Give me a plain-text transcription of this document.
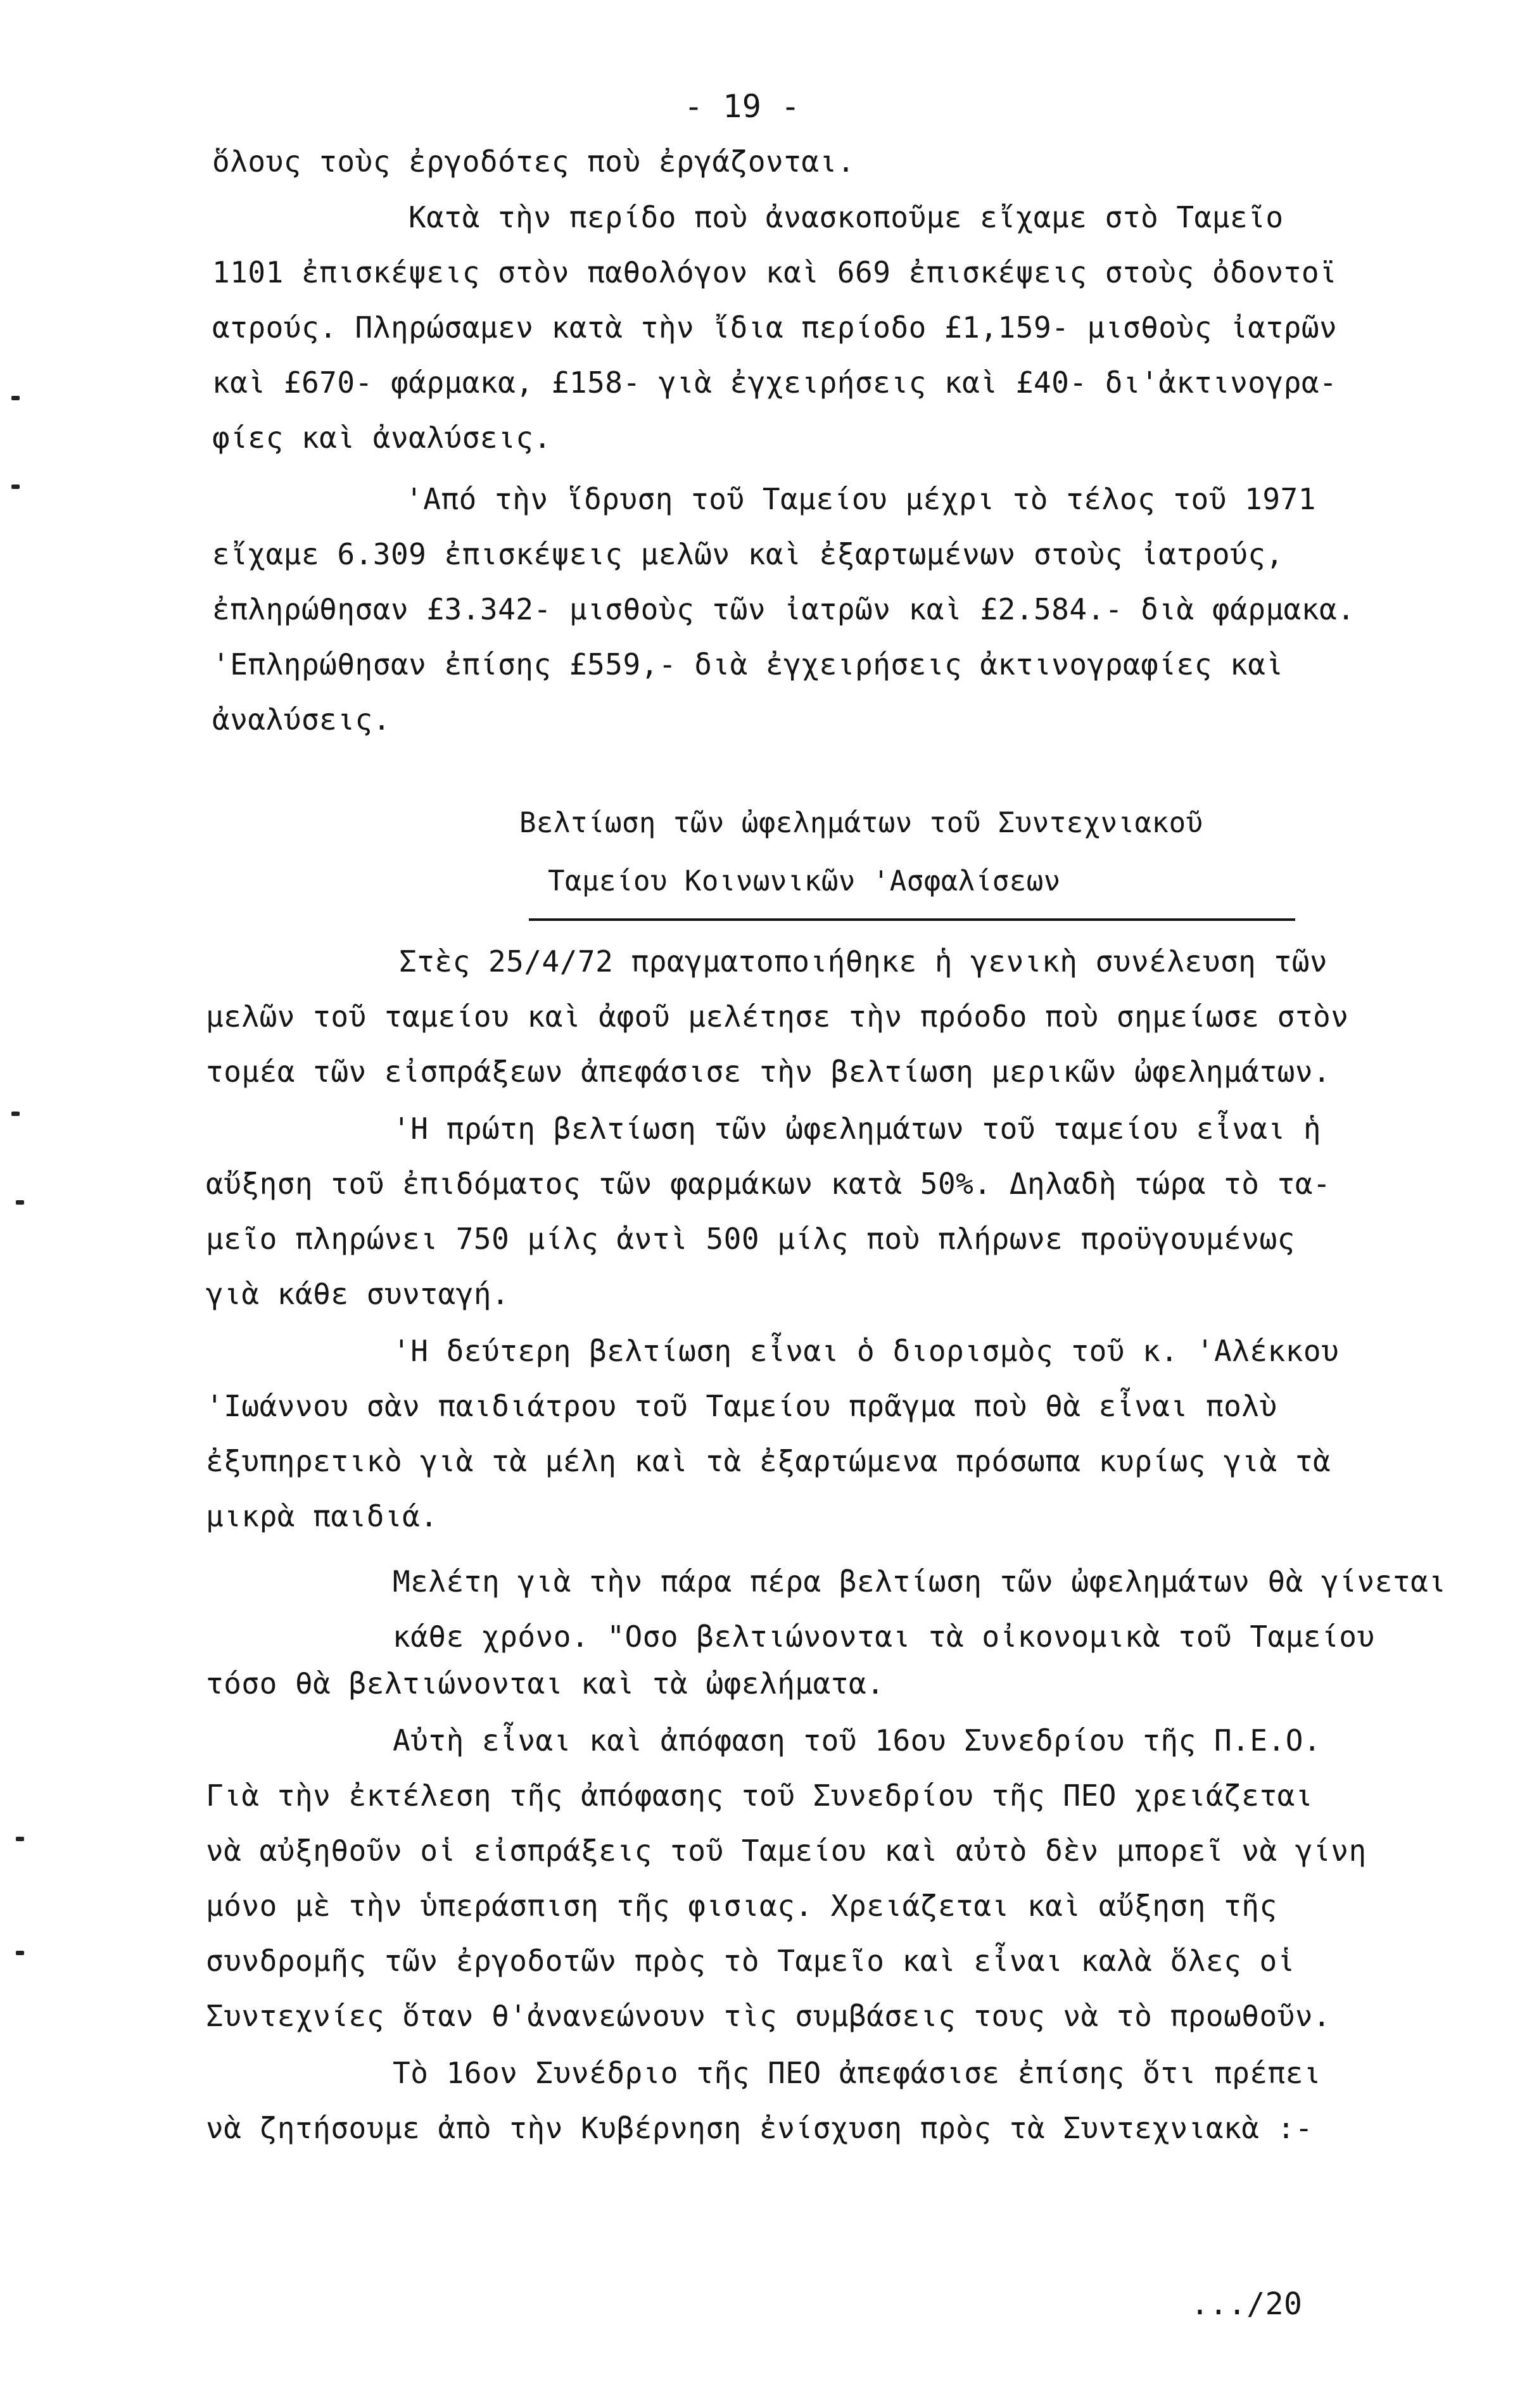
- 19 -

ὅλους τοὺς ἐργοδότες ποὺ ἐργάζονται.

Κατὰ τὴν περίδο ποὺ ἀνασκοποῦμε εἴχαμε στὸ Ταμεῖο

1101 ἐπισκέψεις στὸν παθολόγον καὶ 669 ἐπισκέψεις στοὺς ὀδοντοϊ

ατρούς. Πληρώσαμεν κατὰ τὴν ἴδια περίοδο £1,159- μισθοὺς ἰατρῶν

καὶ £670- φάρμακα, £158- γιὰ ἐγχειρήσεις καὶ £40- δι'ἀκτινογρα-

φίες καὶ ἀναλύσεις.

'Από τὴν ἵδρυση τοῦ Ταμείου μέχρι τὸ τέλος τοῦ 1971

εἴχαμε 6.309 ἐπισκέψεις μελῶν καὶ ἐξαρτωμένων στοὺς ἰατρούς,

ἐπληρώθησαν £3.342- μισθοὺς τῶν ἰατρῶν καὶ £2.584.- διὰ φάρμακα.

'Επληρώθησαν ἐπίσης £559,- διὰ ἐγχειρήσεις ἀκτινογραφίες καὶ

ἀναλύσεις.

Βελτίωση τῶν ὠφελημάτων τοῦ Συντεχνιακοῦ

Ταμείου Κοινωνικῶν 'Ασφαλίσεων

Στὲς 25/4/72 πραγματοποιήθηκε ἡ γενικὴ συνέλευση τῶν

μελῶν τοῦ ταμείου καὶ ἀφοῦ μελέτησε τὴν πρόοδο ποὺ σημείωσε στὸν

τομέα τῶν εἰσπράξεων ἀπεφάσισε τὴν βελτίωση μερικῶν ὠφελημάτων.

'Η πρώτη βελτίωση τῶν ὠφελημάτων τοῦ ταμείου εἶναι ἡ

αὔξηση τοῦ ἐπιδόματος τῶν φαρμάκων κατὰ 50%. Δηλαδὴ τώρα τὸ τα-

μεῖο πληρώνει 750 μίλς ἀντὶ 500 μίλς ποὺ πλήρωνε προϋγουμένως

γιὰ κάθε συνταγή.

'Η δεύτερη βελτίωση εἶναι ὁ διορισμὸς τοῦ κ. 'Αλέκκου

'Ιωάννου σὰν παιδιάτρου τοῦ Ταμείου πρᾶγμα ποὺ θὰ εἶναι πολὺ

ἐξυπηρετικὸ γιὰ τὰ μέλη καὶ τὰ ἐξαρτώμενα πρόσωπα κυρίως γιὰ τὰ

μικρὰ παιδιά.

Μελέτη γιὰ τὴν πάρα πέρα βελτίωση τῶν ὠφελημάτων θὰ γίνεται κάθε χρόνο. "Οσο βελτιώνονται τὰ οἰκονομικὰ τοῦ Ταμείου

τόσο θὰ βελτιώνονται καὶ τὰ ὠφελήματα.

Αὐτὴ εἶναι καὶ ἀπόφαση τοῦ 16ου Συνεδρίου τῆς Π.Ε.Ο.

Γιὰ τὴν ἐκτέλεση τῆς ἀπόφασης τοῦ Συνεδρίου τῆς ΠΕΟ χρειάζεται

νὰ αὐξηθοῦν οἱ εἰσπράξεις τοῦ Ταμείου καὶ αὐτὸ δὲν μπορεῖ νὰ γίνη

μόνο μὲ τὴν ὑπεράσπιση τῆς φισιας. Χρειάζεται καὶ αὔξηση τῆς

συνδρομῆς τῶν ἐργοδοτῶν πρὸς τὸ Ταμεῖο καὶ εἶναι καλὰ ὅλες οἱ

Συντεχνίες ὅταν θ'ἀνανεώνουν τὶς συμβάσεις τους νὰ τὸ προωθοῦν.

Τὸ 16ον Συνέδριο τῆς ΠΕΟ ἀπεφάσισε ἐπίσης ὅτι πρέπει

νὰ ζητήσουμε ἀπὸ τὴν Κυβέρνηση ἐνίσχυση πρὸς τὰ Συντεχνιακὰ :-

.../20
